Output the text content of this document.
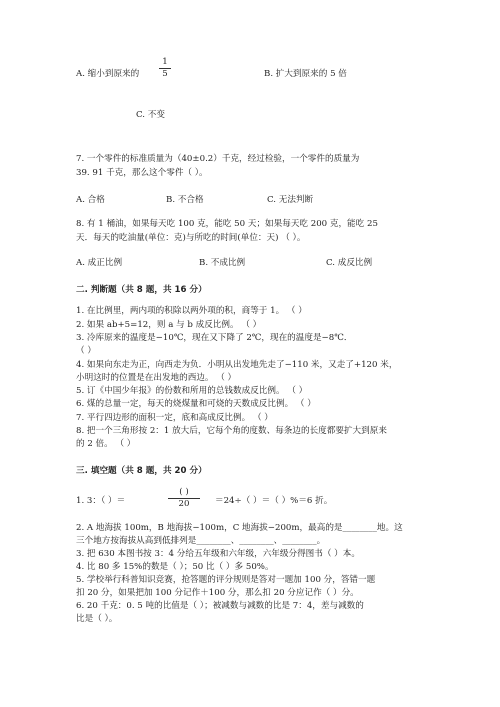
A. 缩小到原来的
1
5	B. 扩大到原来的 5 倍
C. 不变
7. 一个零件的标准质量为（40±0.2）千克，经过检验，一个零件的质量为
39. 91 千克，那么这个零件（ ）。
A. 合格	B. 不合格	C. 无法判断
8. 有 1 桶油，如果每天吃 100 克，能吃 50 天；如果每天吃 200 克，能吃 25
天．每天的吃油量(单位：克)与所吃的时间(单位：天) （ ）。
A. 成正比例	B. 不成比例	C. 成反比例
二. 判断题（共 8 题，共 16 分）
1. 在比例里，两内项的积除以两外项的积，商等于 1。 （ ）
2. 如果 ab+5=12，则 a 与 b 成反比例。 （ ）
3. 冷库原来的温度是−10℃，现在又下降了 2℃，现在的温度是−8℃．
（ ）
4. 如果向东走为正，向西走为负．小明从出发地先走了−110 米，又走了+120 米，
小明这时的位置是在出发地的西边。 （ ）
5. 订《中国少年报》的份数和所用的总钱数成反比例。 （ ）
6. 煤的总量一定，每天的烧煤量和可烧的天数成反比例。 （ ）
7. 平行四边形的面积一定，底和高成反比例。 （ ）
8. 把一个三角形按 2：1 放大后，它每个角的度数、每条边的长度都要扩大到原来
的 2 倍。 （ ）
三. 填空题（共 8 题，共 20 分）
1. 3：（ ）＝
( )
20	＝24÷（ ）＝（ ）%＝6 折。
2. A 地海拔 100m，B 地海拔−100m，C 地海拔−200m，最高的是________地。这
三个地方按海拔从高到低排列是________、________、________。
3. 把 630 本图书按 3：4 分给五年级和六年级，六年级分得图书（ ）本。
4. 比 80 多 15%的数是（ ）；50 比（ ）多 50%。
5. 学校举行科普知识竞赛，抢答题的评分规则是答对一题加 100 分，答错一题
扣 20 分，如果把加 100 分记作＋100 分，那么扣 20 分应记作（ ）分。
6. 20 千克：0. 5 吨的比值是（ ）；被减数与减数的比是 7：4，差与减数的
比是（ ）。
